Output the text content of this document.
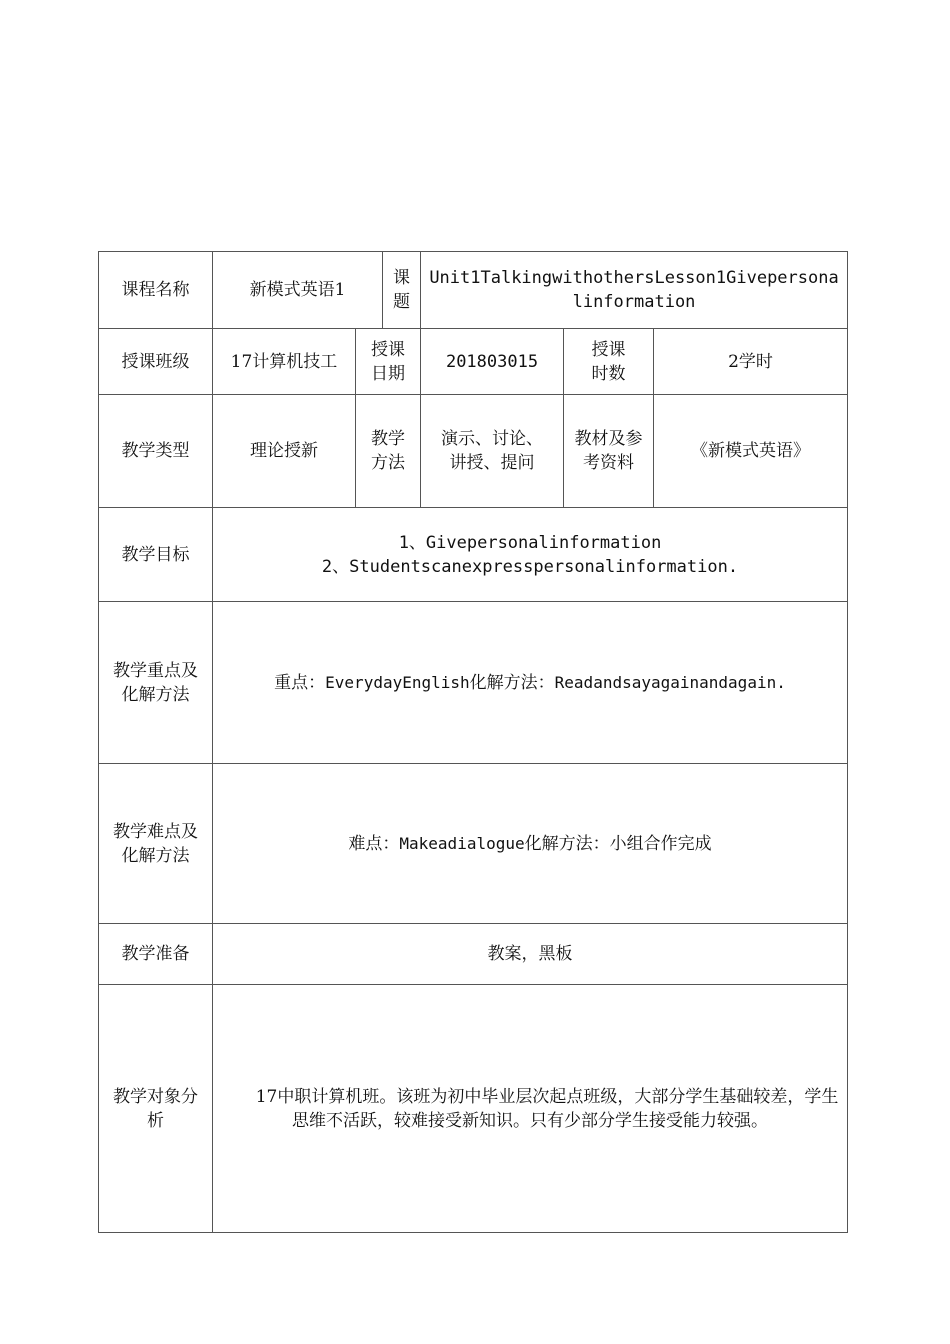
课程名称	新模式英语1		课题	Unit1TalkingwithothersLesson1Givepersonalinformation		
授课班级	17计算机技工	授课日期		201803015	授课时数	2学时
教学类型	理论授新	教学方法		演示、讨论、讲授、提问	教材及参考资料	《新模式英语》
教学目标	1、Givepersonalinformation
2、Studentscanexpresspersonalinformation.					

教学重点及化解方法	重点：EverydayEnglish化解方法：Readandsayagainandagain.					
教学难点及化解方法	难点：Makeadialogue化解方法：小组合作完成					
教学准备	教案，黑板					
教学对象分析	17中职计算机班。该班为初中毕业层次起点班级，大部分学生基础较差，学生思维不活跃，较难接受新知识。只有少部分学生接受能力较强。					
